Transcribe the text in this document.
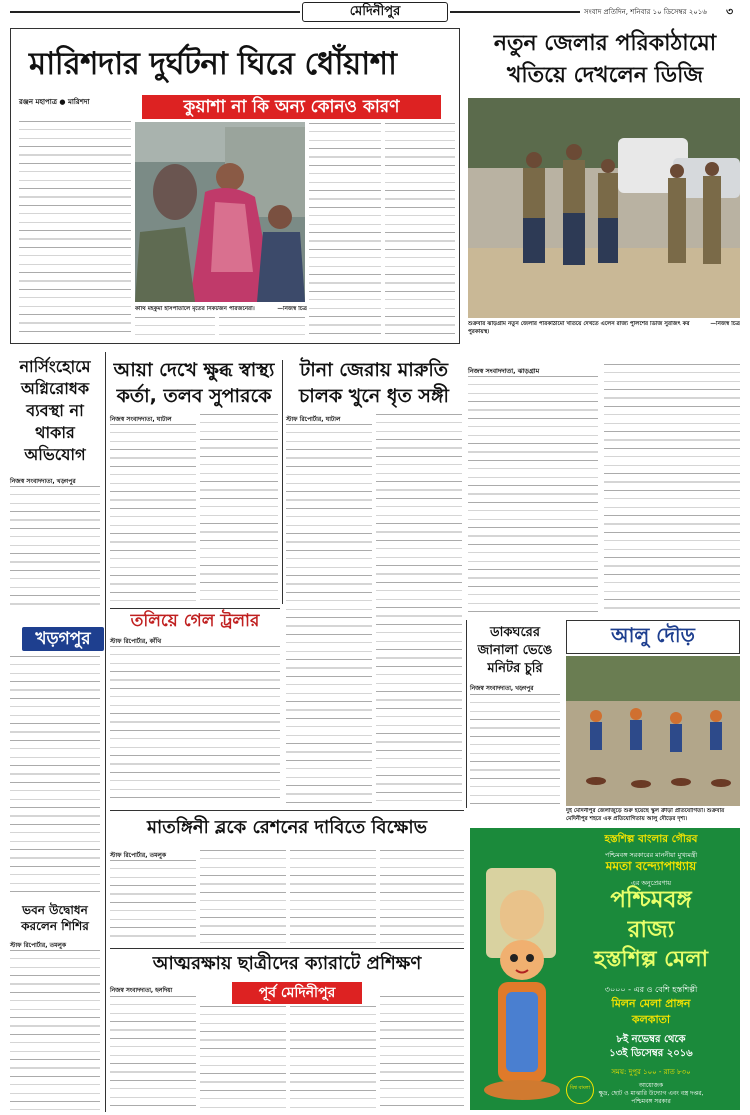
মেদিনীপুর	সংবাদ প্রতিদিন, শনিবার ১০ ডিসেম্বর ২০১৬	৩
মারিশদার দুর্ঘটনা ঘিরে ধোঁয়াশা
রঞ্জন মহাপাত্র ● মারিশদা	কুয়াশা না কি অন্য কোনও কারণ
কাঁথি মহকুমা হাসপাতালে মৃতের নিকটজন পরিজনেরা।	—নিজস্ব চিত্র
নতুন জেলার পরিকাঠামো
খতিয়ে দেখলেন ডিজি
শুক্রবার ঝাড়গ্রাম নতুন জেলার পরিকাঠামো খতিয়ে দেখতে এলেন রাজ্য পুলিশের ডিজি সুরজিৎ কর পুরকায়স্থ।
—নিজস্ব চিত্র
নিজস্ব সংবাদদাতা, ঝাড়গ্রাম
নার্সিংহোমে অগ্নিরোধক ব্যবস্থা না থাকার অভিযোগ
নিজস্ব সংবাদদাতা, খড়্গপুর
খড়গপুর
ভবন উদ্বোধন
করলেন শিশির
স্টাফ রিপোর্টার, তমলুক
আয়া দেখে ক্ষুব্ধ স্বাস্থ্য
কর্তা, তলব সুপারকে
নিজস্ব সংবাদদাতা, ঘাটাল
টানা জেরায় মারুতি
চালক খুনে ধৃত সঙ্গী
স্টাফ রিপোর্টার, ঘাটাল
তলিয়ে গেল ট্রলার
স্টাফ রিপোর্টার, কাঁথি
ডাকঘরের
জানালা ভেঙে
মনিটর চুরি
নিজস্ব সংবাদদাতা, খড়্গপুর
আলু দৌড়
দুই মেদিনীপুর জেলাজুড়ে শুরু হয়েছে স্কুল ক্রীড়া প্রতিযোগিতা। শুক্রবার মেদিনীপুর শহরে এক প্রতিযোগিতায় আলু দৌড়ের দৃশ্য।
মাতঙ্গিনী ব্লকে রেশনের দাবিতে বিক্ষোভ
স্টাফ রিপোর্টার, তমলুক
আত্মরক্ষায় ছাত্রীদের ক্যারাটে প্রশিক্ষণ
পূর্ব মেদিনীপুর
নিজস্ব সংবাদদাতা, হলদিয়া
হস্তশিল্প বাংলার গৌরব
পশ্চিমবঙ্গ সরকারের মাননীয়া মুখ্যমন্ত্রী
মমতা বন্দ্যোপাধ্যায়
এর অনুপ্রেরণায়
পশ্চিমবঙ্গ
রাজ্য
হস্তশিল্প মেলা
৩০০০ - এর ও বেশি হস্তশিল্পী
মিলন মেলা প্রাঙ্গন
কলকাতা
৮ই নভেম্বর থেকে
১৩ই ডিসেম্বর ২০১৬
সময়: দুপুর ১০০ - রাত ৮৩০
আয়োজক
ক্ষুদ্র, ছোট ও মাঝারি উদ্যোগ এবং বস্ত্র দপ্তর,
পশ্চিমবঙ্গ সরকার
বিশ্ব বাংলা
